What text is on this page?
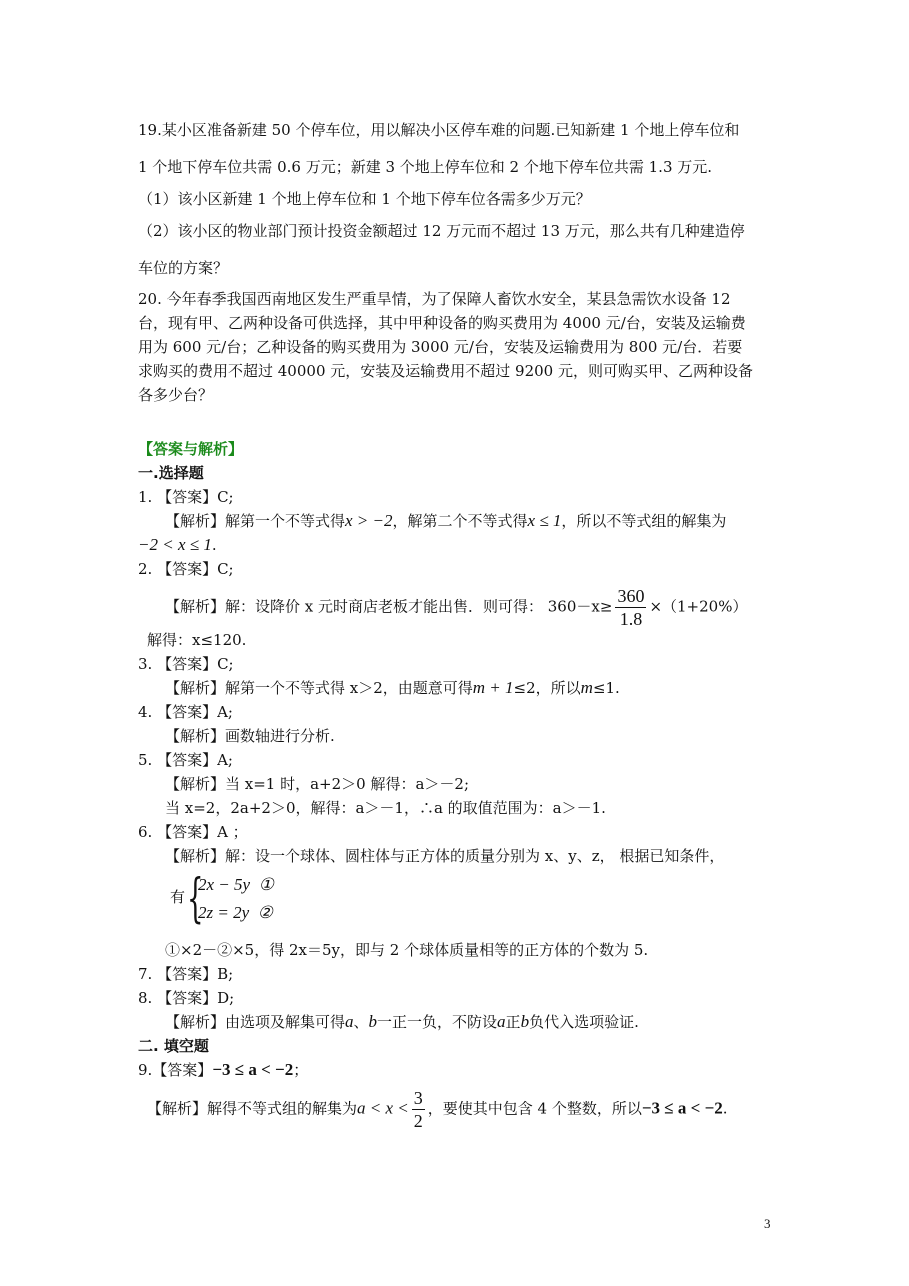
19.某小区准备新建 50 个停车位，用以解决小区停车难的问题.已知新建 1 个地上停车位和
1 个地下停车位共需 0.6 万元；新建 3 个地上停车位和 2 个地下停车位共需 1.3 万元.
（1）该小区新建 1 个地上停车位和 1 个地下停车位各需多少万元？
（2）该小区的物业部门预计投资金额超过 12 万元而不超过 13 万元，那么共有几种建造停
车位的方案？
20. 今年春季我国西南地区发生严重旱情，为了保障人畜饮水安全，某县急需饮水设备 12
台，现有甲、乙两种设备可供选择，其中甲种设备的购买费用为 4000 元/台，安装及运输费
用为 600 元/台；乙种设备的购买费用为 3000 元/台，安装及运输费用为 800 元/台．若要
求购买的费用不超过 40000 元，安装及运输费用不超过 9200 元，则可购买甲、乙两种设备
各多少台？
【答案与解析】
一.选择题
1. 【答案】C;
【解析】解第一个不等式得x > −2，解第二个不等式得x ≤ 1，所以不等式组的解集为
−2 < x ≤ 1.
2. 【答案】C;
【解析】解：设降价 x 元时商店老板才能出售．则可得： $360-x\ge \frac{360}{1.8} \times(1+20\%)$
解得：x≤120.
3. 【答案】C;
【解析】解第一个不等式得 x＞2，由题意可得m + 1≤2，所以m≤1.
4. 【答案】A;
【解析】画数轴进行分析.
5. 【答案】A;
【解析】当 x=1 时，a+2＞0 解得：a＞－2;
当 x=2，2a+2＞0，解得：a＞－1，∴a 的取值范围为：a＞－1.
6. 【答案】A ；
【解析】解：设一个球体、圆柱体与正方体的质量分别为 x、y、z， 根据已知条件，
有 {
2x − 5y ①
2z = 2y ②
①×2－②×5，得 2x＝5y，即与 2 个球体质量相等的正方体的个数为 5.
7. 【答案】B;
8. 【答案】D;
【解析】由选项及解集可得a、b一正一负，不防设a正b负代入选项验证.
二. 填空题
9.【答案】−3 ≤ a < −2；
【解析】解得不等式组的解集为$a < x < \frac{3}{2}$ ，要使其中包含 4 个整数，所以−3 ≤ a < −2.
3
